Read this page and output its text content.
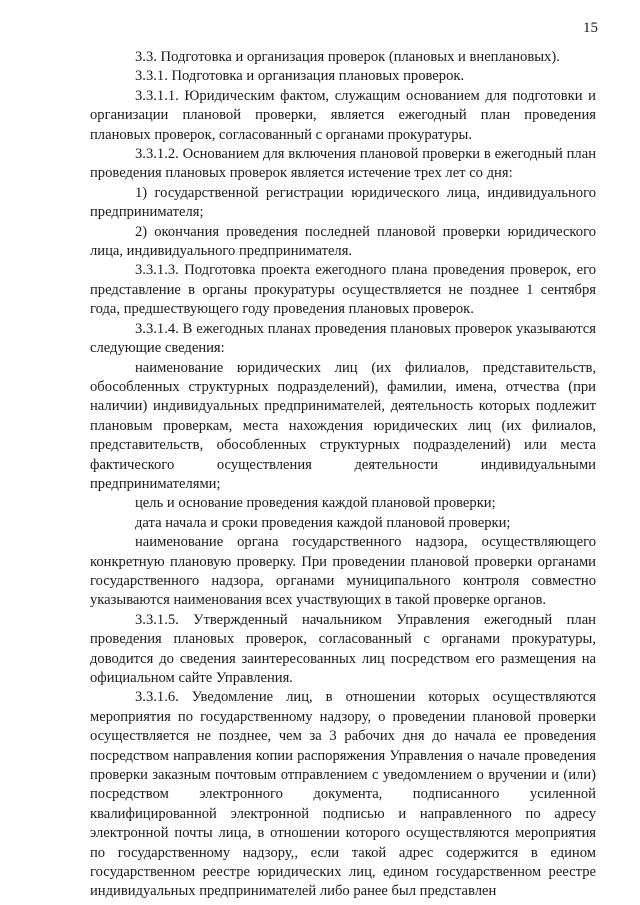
15

3.3. Подготовка и организация проверок (плановых и внеплановых).

3.3.1. Подготовка и организация плановых проверок.

3.3.1.1. Юридическим фактом, служащим основанием для подготовки и организации плановой проверки, является ежегодный план проведения плановых проверок, согласованный с органами прокуратуры.

3.3.1.2. Основанием для включения плановой проверки в ежегодный план проведения плановых проверок является истечение трех лет со дня:

1) государственной регистрации юридического лица, индивидуального предпринимателя;

2) окончания проведения последней плановой проверки юридического лица, индивидуального предпринимателя.

3.3.1.3. Подготовка проекта ежегодного плана проведения проверок, его представление в органы прокуратуры осуществляется не позднее 1 сентября года, предшествующего году проведения плановых проверок.

3.3.1.4. В ежегодных планах проведения плановых проверок указываются следующие сведения:

наименование юридических лиц (их филиалов, представительств, обособленных структурных подразделений), фамилии, имена, отчества (при наличии) индивидуальных предпринимателей, деятельность которых подлежит плановым проверкам, места нахождения юридических лиц (их филиалов, представительств, обособленных структурных подразделений) или места фактического осуществления деятельности индивидуальными предпринимателями;

цель и основание проведения каждой плановой проверки;

дата начала и сроки проведения каждой плановой проверки;

наименование органа государственного надзора, осуществляющего конкретную плановую проверку. При проведении плановой проверки органами государственного надзора, органами муниципального контроля совместно указываются наименования всех участвующих в такой проверке органов.

3.3.1.5. Утвержденный начальником Управления ежегодный план проведения плановых проверок, согласованный с органами прокуратуры, доводится до сведения заинтересованных лиц посредством его размещения на официальном сайте Управления.

3.3.1.6. Уведомление лиц, в отношении которых осуществляются мероприятия по государственному надзору, о проведении плановой проверки осуществляется не позднее, чем за 3 рабочих дня до начала ее проведения посредством направления копии распоряжения Управления о начале проведения проверки заказным почтовым отправлением с уведомлением о вручении и (или) посредством электронного документа, подписанного усиленной квалифицированной электронной подписью и направленного по адресу электронной почты лица, в отношении которого осуществляются мероприятия по государственному надзору,, если такой адрес содержится в едином государственном реестре юридических лиц, едином государственном реестре индивидуальных предпринимателей либо ранее был представлен
